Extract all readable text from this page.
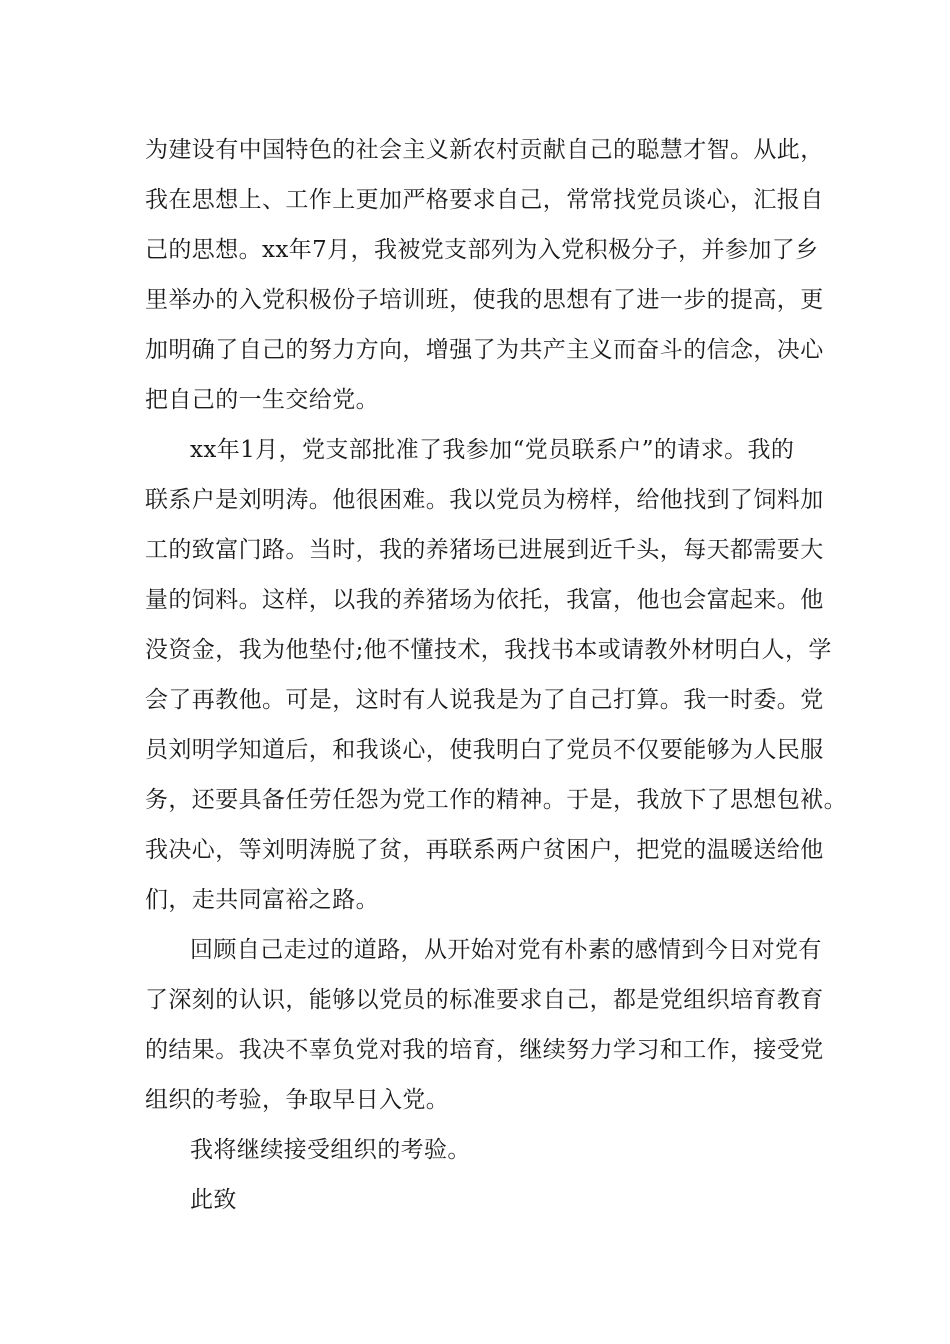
为建设有中国特色的社会主义新农村贡献自己的聪慧才智。从此，
我在思想上、工作上更加严格要求自己，常常找党员谈心，汇报自
己的思想。xx年7月，我被党支部列为入党积极分子，并参加了乡
里举办的入党积极份子培训班，使我的思想有了进一步的提高，更
加明确了自己的努力方向，增强了为共产主义而奋斗的信念，决心
把自己的一生交给党。
xx年1月，党支部批准了我参加“党员联系户”的请求。我的
联系户是刘明涛。他很困难。我以党员为榜样，给他找到了饲料加
工的致富门路。当时，我的养猪场已进展到近千头，每天都需要大
量的饲料。这样，以我的养猪场为依托，我富，他也会富起来。他
没资金，我为他垫付;他不懂技术，我找书本或请教外材明白人，学
会了再教他。可是，这时有人说我是为了自己打算。我一时委。党
员刘明学知道后，和我谈心，使我明白了党员不仅要能够为人民服
务，还要具备任劳任怨为党工作的精神。于是，我放下了思想包袱。
我决心，等刘明涛脱了贫，再联系两户贫困户，把党的温暖送给他
们，走共同富裕之路。
回顾自己走过的道路，从开始对党有朴素的感情到今日对党有
了深刻的认识，能够以党员的标准要求自己，都是党组织培育教育
的结果。我决不辜负党对我的培育，继续努力学习和工作，接受党
组织的考验，争取早日入党。
我将继续接受组织的考验。
此致
